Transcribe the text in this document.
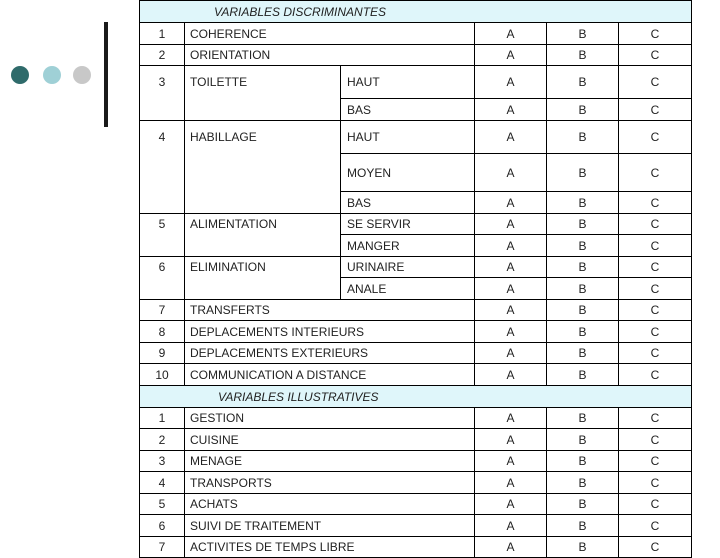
VARIABLES DISCRIMINANTES					
1	COHERENCE		A	B	C
2	ORIENTATION		A	B	C
3	TOILETTE	HAUT	A	B	C
		BAS	A	B	C
4	HABILLAGE	HAUT	A	B	C
		MOYEN	A	B	C
		BAS	A	B	C
5	ALIMENTATION	SE SERVIR	A	B	C
		MANGER	A	B	C
6	ELIMINATION	URINAIRE	A	B	C
		ANALE	A	B	C
7	TRANSFERTS		A	B	C
8	DEPLACEMENTS INTERIEURS		A	B	C
9	DEPLACEMENTS EXTERIEURS		A	B	C
10	COMMUNICATION A DISTANCE		A	B	C
VARIABLES ILLUSTRATIVES					
1	GESTION		A	B	C
2	CUISINE		A	B	C
3	MENAGE		A	B	C
4	TRANSPORTS		A	B	C
5	ACHATS		A	B	C
6	SUIVI DE TRAITEMENT		A	B	C
7	ACTIVITES DE TEMPS LIBRE		A	B	C
